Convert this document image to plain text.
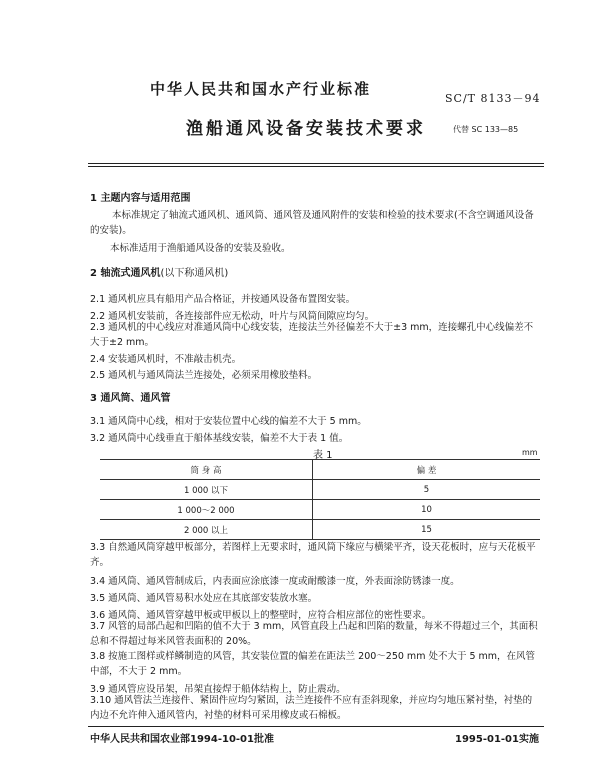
中华人民共和国水产行业标准
SC/T 8133－94
渔船通风设备安装技术要求	代替 SC 133—85
1 主题内容与适用范围
本标准规定了轴流式通风机、通风筒、通风管及通风附件的安装和检验的技术要求(不含空调通风设备的安装)。
本标准适用于渔船通风设备的安装及验收。
2 轴流式通风机(以下称通风机)
2.1 通风机应具有船用产品合格证，并按通风设备布置图安装。
2.2 通风机安装前，各连接部件应无松动，叶片与风筒间隙应均匀。
2.3 通风机的中心线应对准通风筒中心线安装，连接法兰外径偏差不大于±3 mm，连接螺孔中心线偏差不大于±2 mm。
2.4 安装通风机时，不准敲击机壳。
2.5 通风机与通风筒法兰连接处，必须采用橡胶垫料。
3 通风筒、通风管
表 1	mm
筒 身 高	偏 差
1 000 以下	5
1 000～2 000	10
2 000 以上	15
3.3 自然通风筒穿越甲板部分，若图样上无要求时，通风筒下缘应与横梁平齐，设天花板时，应与天花板平齐。
3.4 通风筒、通风管制成后，内表面应涂底漆一度或耐酸漆一度，外表面涂防锈漆一度。
3.5 通风筒、通风管易积水处应在其底部安装放水塞。
3.6 通风筒、通风管穿越甲板或甲板以上的整壁时，应符合相应部位的密性要求。
3.7 风管的局部凸起和凹陷的值不大于 3 mm，风管直段上凸起和凹陷的数量，每米不得超过三个，其面积总和不得超过每米风管表面积的 20%。
3.8 按施工图样或样鳞制造的风管，其安装位置的偏差在距法兰 200～250 mm 处不大于 5 mm，在风管中部，不大于 2 mm。
3.9 通风管应设吊架，吊架直接焊于船体结构上，防止震动。
3.10 通风管法兰连接件、紧固件应均匀紧固，法兰连接件不应有歪斜现象，并应均匀地压紧衬垫，衬垫的内边不允许伸入通风管内，衬垫的材料可采用橡皮或石棉板。
中华人民共和国农业部1994-10-01批准	1995-01-01实施
3.1 通风筒中心线，相对于安装位置中心线的偏差不大于 5 mm。
3.2 通风筒中心线垂直于船体基线安装，偏差不大于表 1 值。
